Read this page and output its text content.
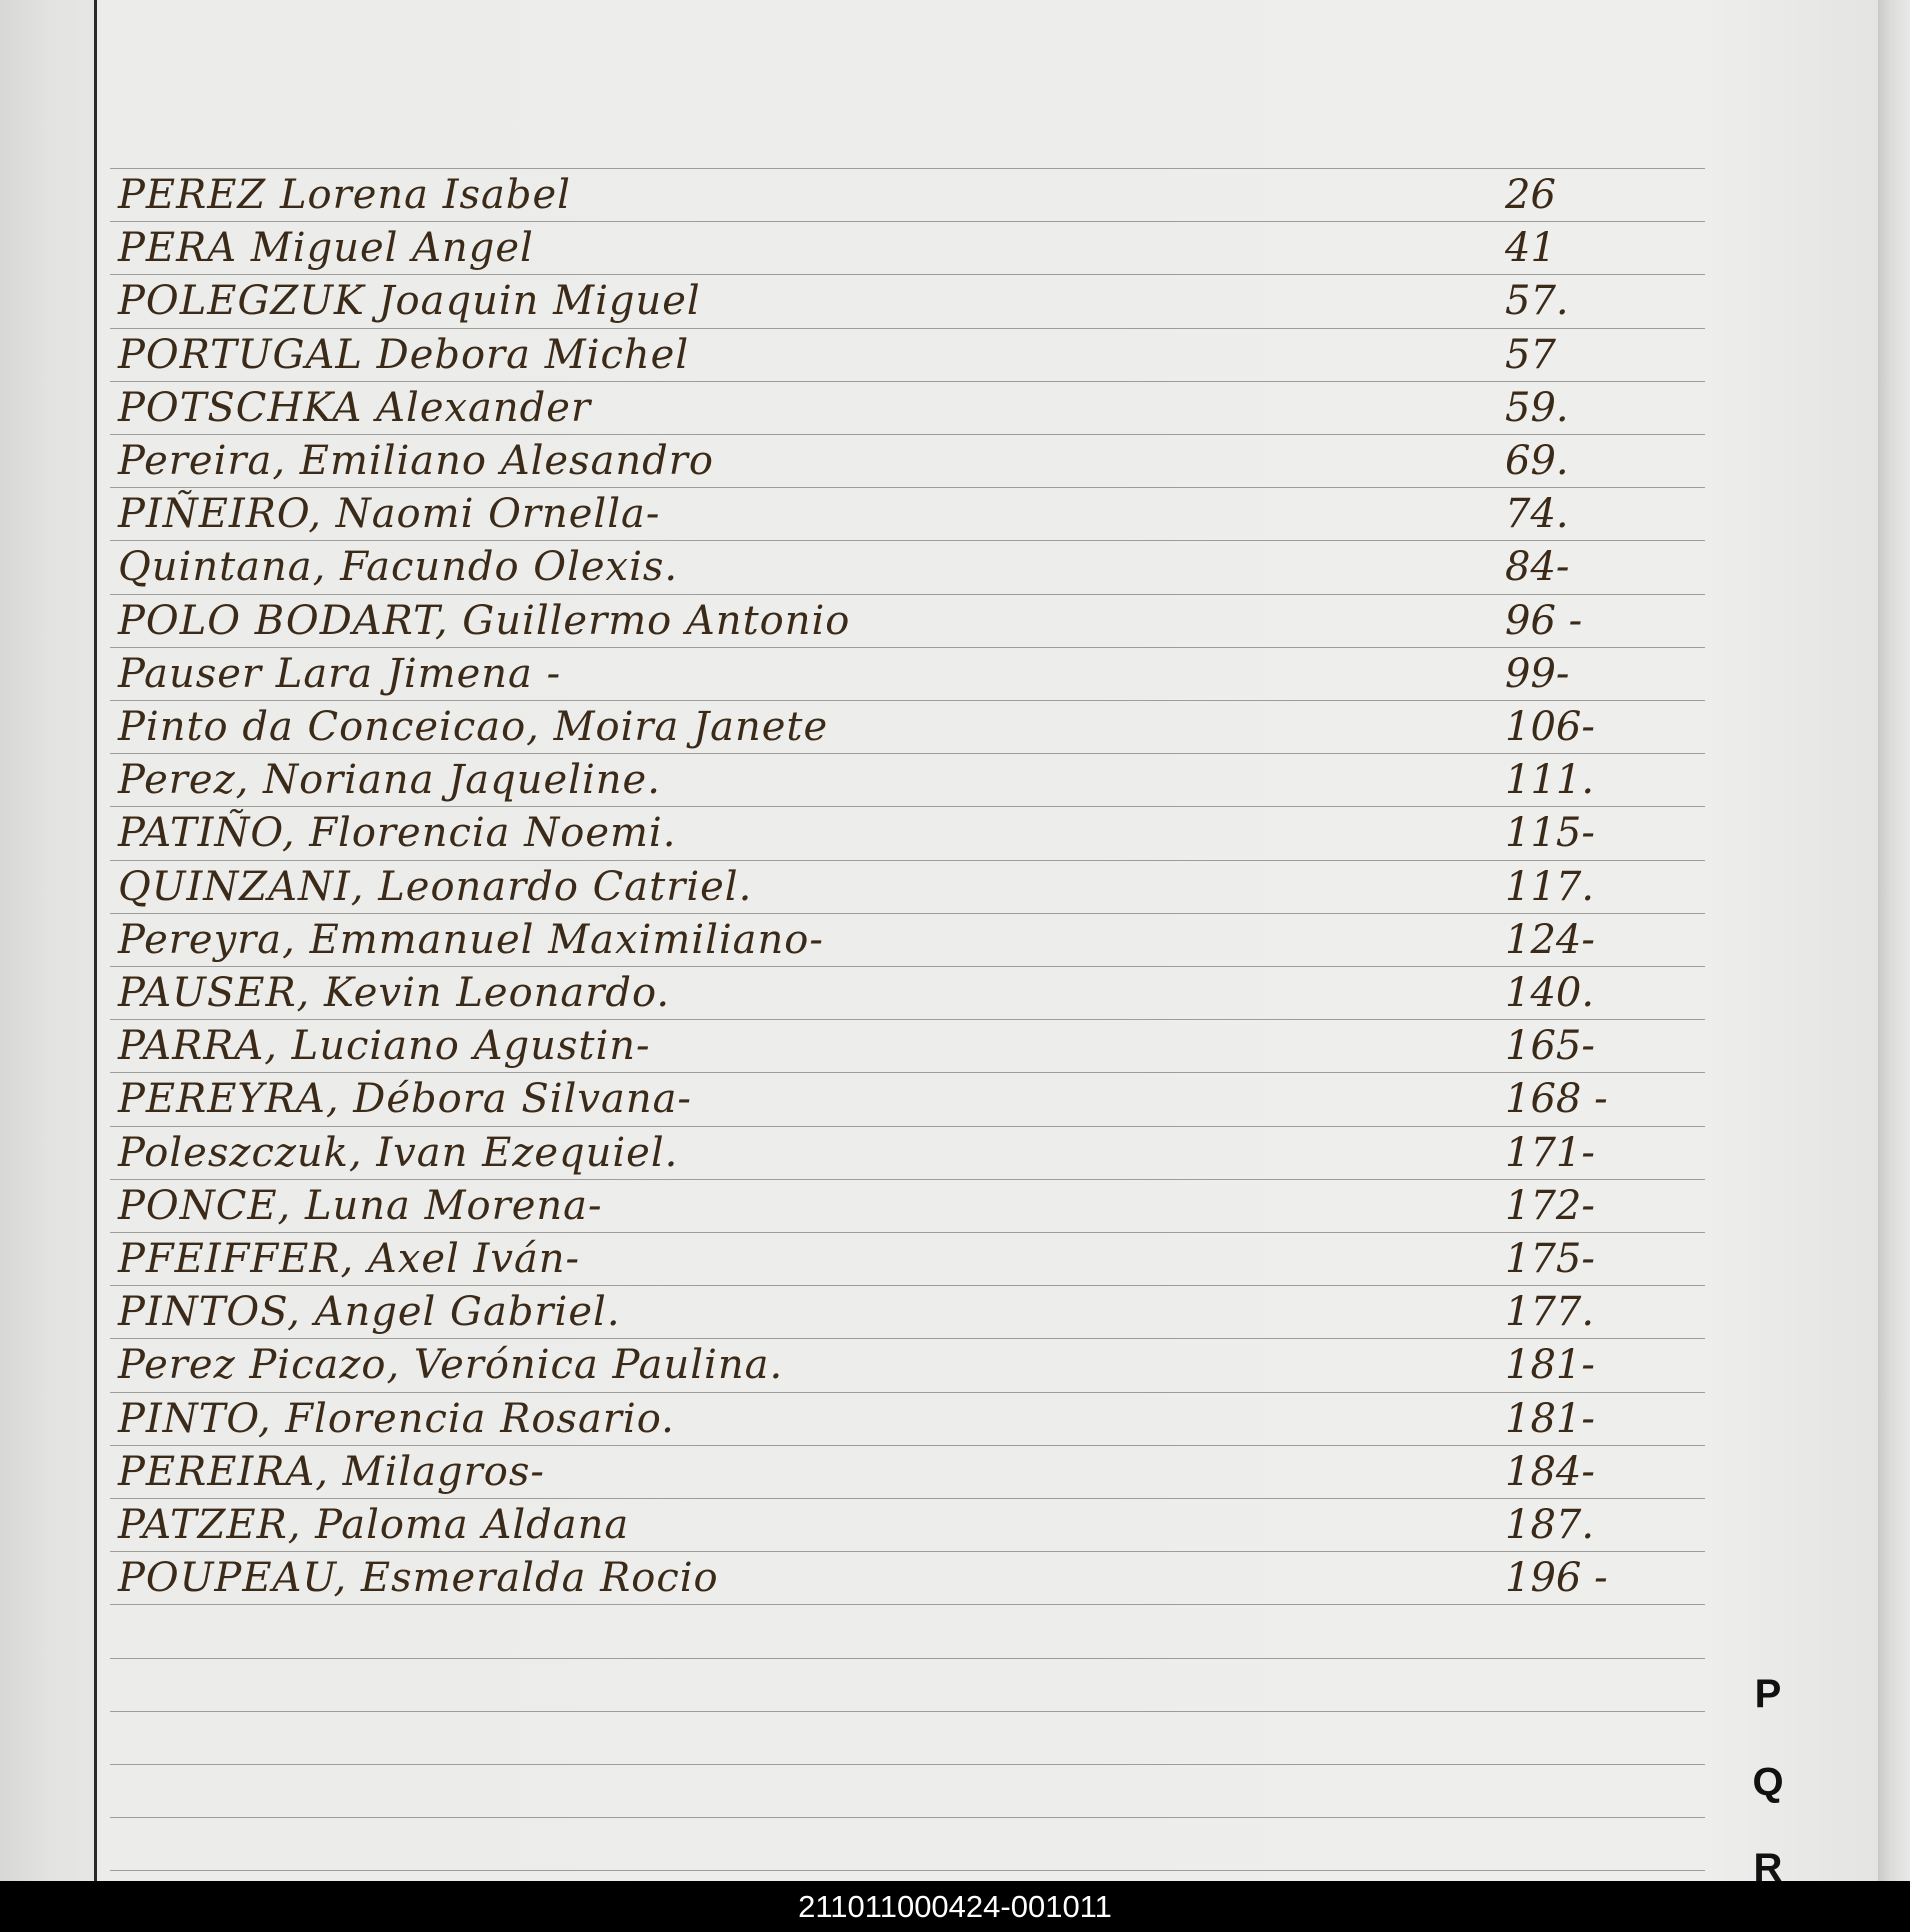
PEREZ Lorena Isabel	26
PERA Miguel Angel	41
POLEGZUK Joaquin Miguel	57.
PORTUGAL Debora Michel	57
POTSCHKA Alexander	59.
Pereira, Emiliano Alesandro	69.
PIÑEIRO, Naomi Ornella-	74.
Quintana, Facundo Olexis.	84-
POLO BODART, Guillermo Antonio	96 -
Pauser Lara Jimena -	99-
Pinto da Conceicao, Moira Janete	106-
Perez, Noriana Jaqueline.	111.
PATIÑO, Florencia Noemi.	115-
QUINZANI, Leonardo Catriel.	117.
Pereyra, Emmanuel Maximiliano-	124-
PAUSER, Kevin Leonardo.	140.
PARRA, Luciano Agustin-	165-
PEREYRA, Débora Silvana-	168 -
Poleszczuk, Ivan Ezequiel.	171-
PONCE, Luna Morena-	172-
PFEIFFER, Axel Iván-	175-
PINTOS, Angel Gabriel.	177.
Perez Picazo, Verónica Paulina.	181-
PINTO, Florencia Rosario.	181-
PEREIRA, Milagros-	184-
PATZER, Paloma Aldana	187.
POUPEAU, Esmeralda Rocio	196 -
P
Q
R
211011000424-001011
